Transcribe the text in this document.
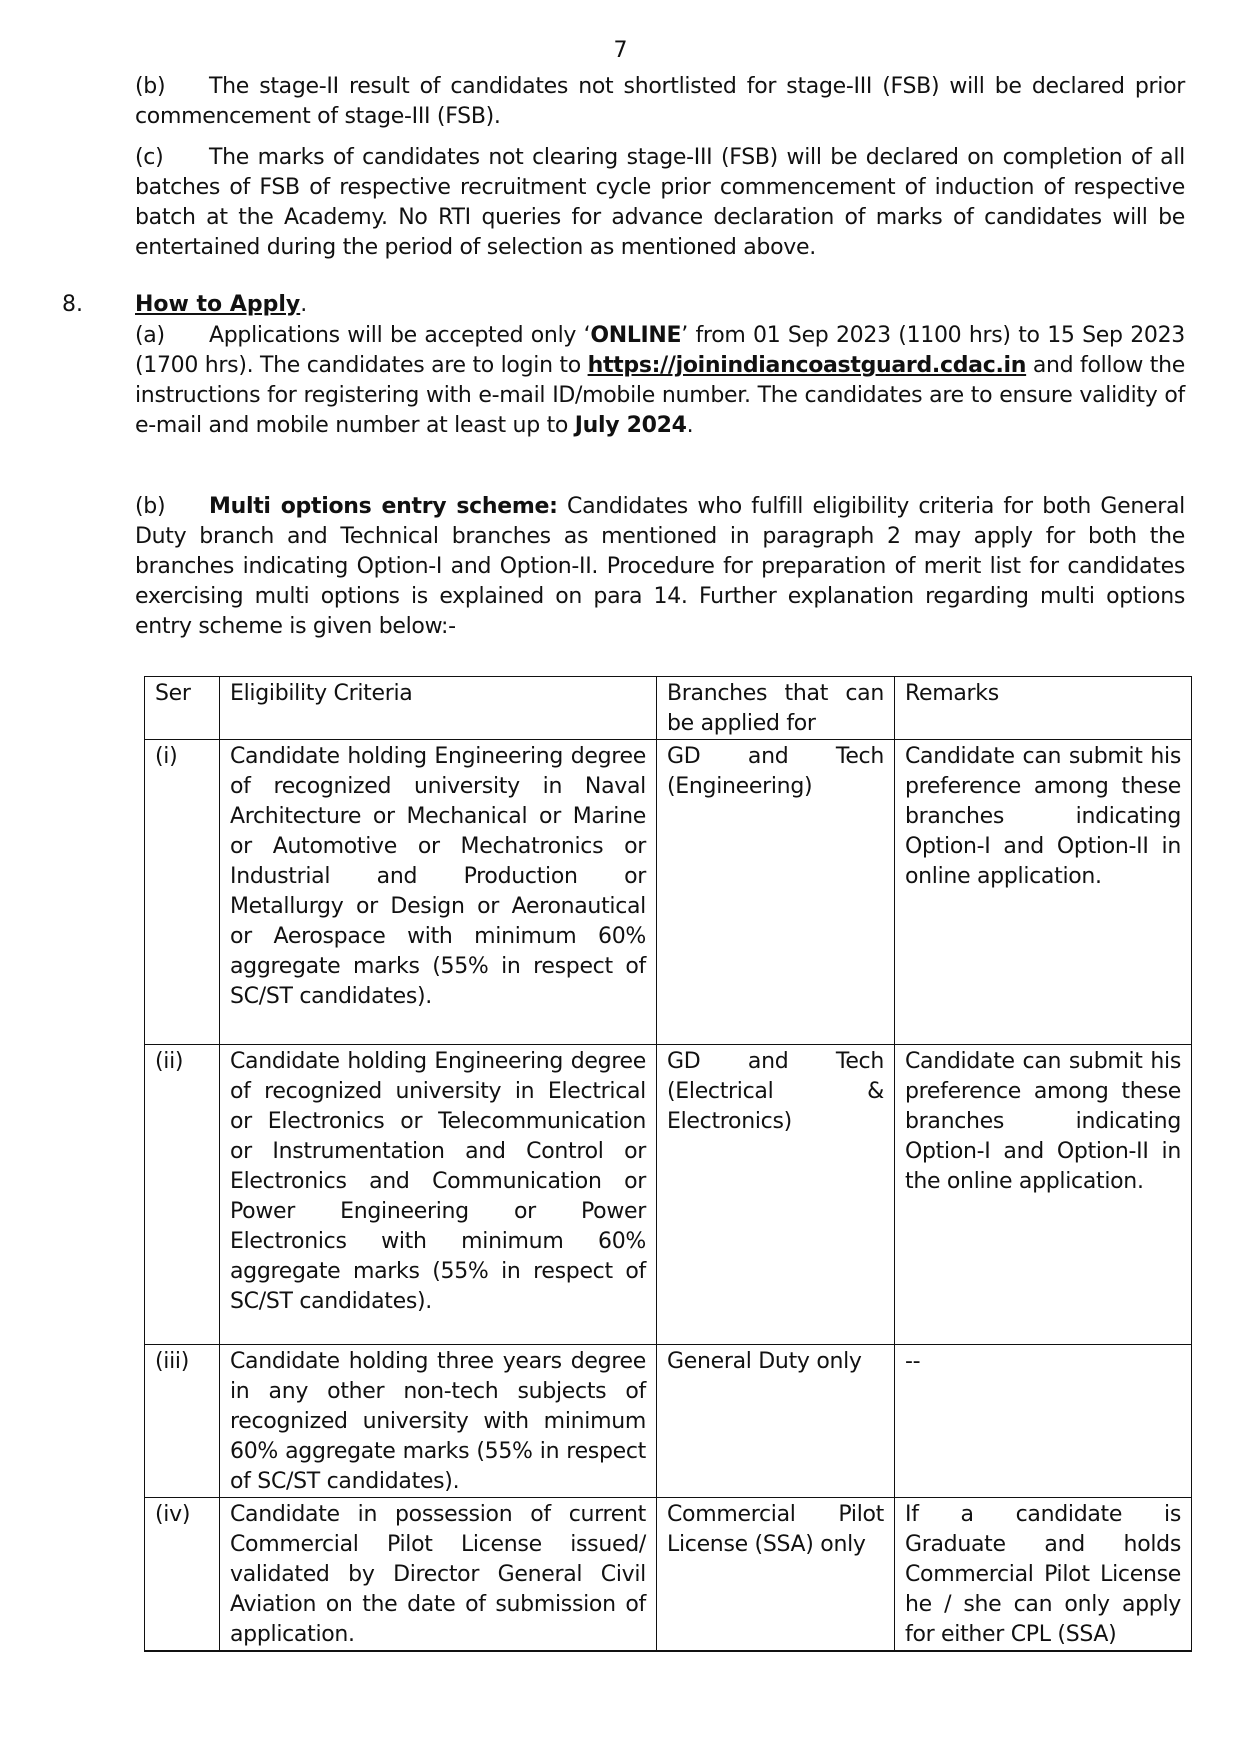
7
(b) The stage-II result of candidates not shortlisted for stage-III (FSB) will be declared prior commencement of stage-III (FSB).
(c) The marks of candidates not clearing stage-III (FSB) will be declared on completion of all batches of FSB of respective recruitment cycle prior commencement of induction of respective batch at the Academy. No RTI queries for advance declaration of marks of candidates will be entertained during the period of selection as mentioned above.
8. How to Apply.
(a) Applications will be accepted only ‘ONLINE’ from 01 Sep 2023 (1100 hrs) to 15 Sep 2023 (1700 hrs). The candidates are to login to https://joinindiancoastguard.cdac.in and follow the instructions for registering with e-mail ID/mobile number. The candidates are to ensure validity of e-mail and mobile number at least up to July 2024.
(b) Multi options entry scheme: Candidates who fulfill eligibility criteria for both General Duty branch and Technical branches as mentioned in paragraph 2 may apply for both the branches indicating Option-I and Option-II. Procedure for preparation of merit list for candidates exercising multi options is explained on para 14. Further explanation regarding multi options entry scheme is given below:-
Ser	Eligibility Criteria	Branches that can be applied for	Remarks
(i)	Candidate holding Engineering degree of recognized university in Naval Architecture or Mechanical or Marine or Automotive or Mechatronics or Industrial and Production or Metallurgy or Design or Aeronautical or Aerospace with minimum 60% aggregate marks (55% in respect of SC/ST candidates).	GD and Tech (Engineering)	Candidate can submit his preference among these branches indicating Option-I and Option-II in online application.
(ii)	Candidate holding Engineering degree of recognized university in Electrical or Electronics or Telecommunication or Instrumentation and Control or Electronics and Communication or Power Engineering or Power Electronics with minimum 60% aggregate marks (55% in respect of SC/ST candidates).	GD and Tech (Electrical & Electronics)	Candidate can submit his preference among these branches indicating Option-I and Option-II in the online application.
(iii)	Candidate holding three years degree in any other non-tech subjects of recognized university with minimum 60% aggregate marks (55% in respect of SC/ST candidates).	General Duty only	--
(iv)	Candidate in possession of current Commercial Pilot License issued/ validated by Director General Civil Aviation on the date of submission of application.	Commercial Pilot License (SSA) only	If a candidate is Graduate and holds Commercial Pilot License he / she can only apply for either CPL (SSA)
